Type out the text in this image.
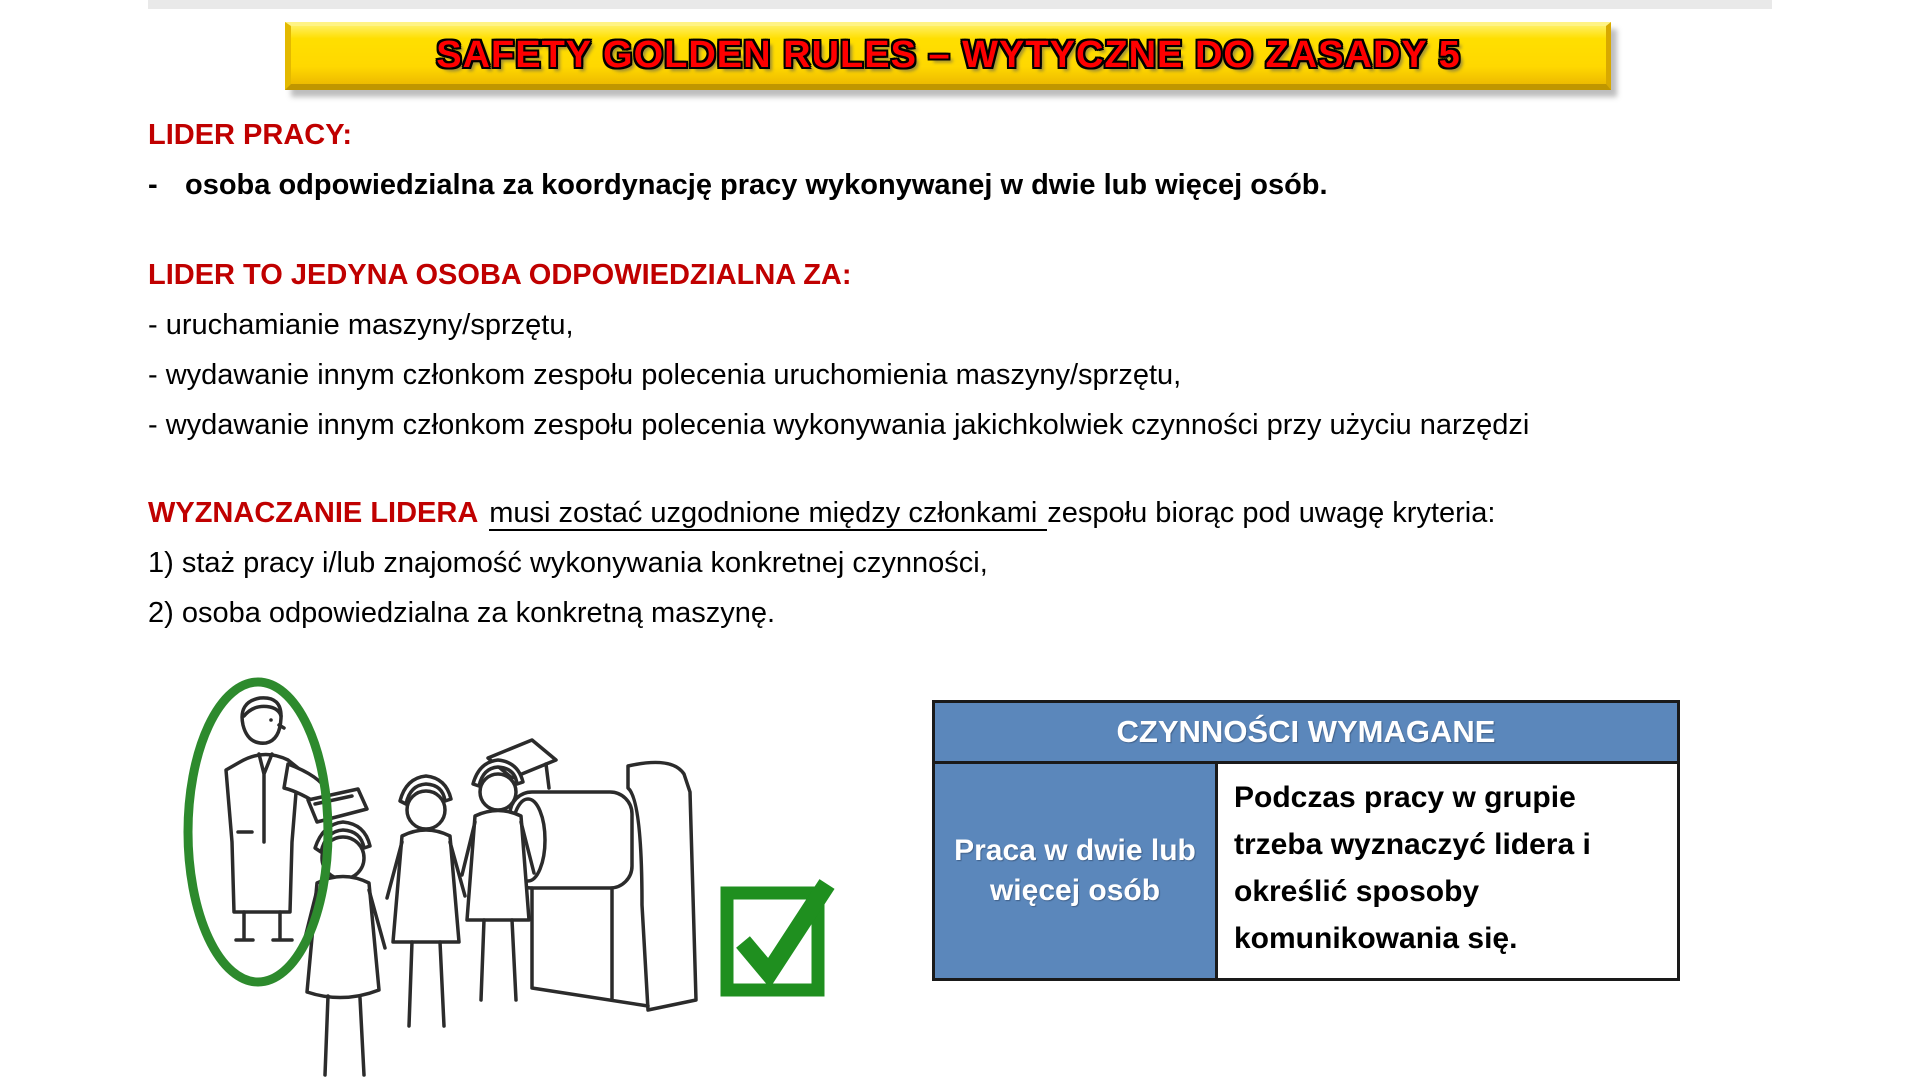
SAFETY GOLDEN RULES – WYTYCZNE DO ZASADY 5

LIDER PRACY:

- osoba odpowiedzialna za koordynację pracy wykonywanej w dwie lub więcej osób.

LIDER TO JEDYNA OSOBA ODPOWIEDZIALNA ZA:

- uruchamianie maszyny/sprzętu,

- wydawanie innym członkom zespołu polecenia uruchomienia maszyny/sprzętu,

- wydawanie innym członkom zespołu polecenia wykonywania jakichkolwiek czynności przy użyciu narzędzi

WYZNACZANIE LIDERA musi zostać uzgodnione między członkami zespołu biorąc pod uwagę kryteria:

1) staż pracy i/lub znajomość wykonywania konkretnej czynności,

2) osoba odpowiedzialna za konkretną maszynę.

CZYNNOŚCI WYMAGANE
Praca w dwie lub więcej osób
Podczas pracy w grupie trzeba wyznaczyć lidera i określić sposoby komunikowania się.
